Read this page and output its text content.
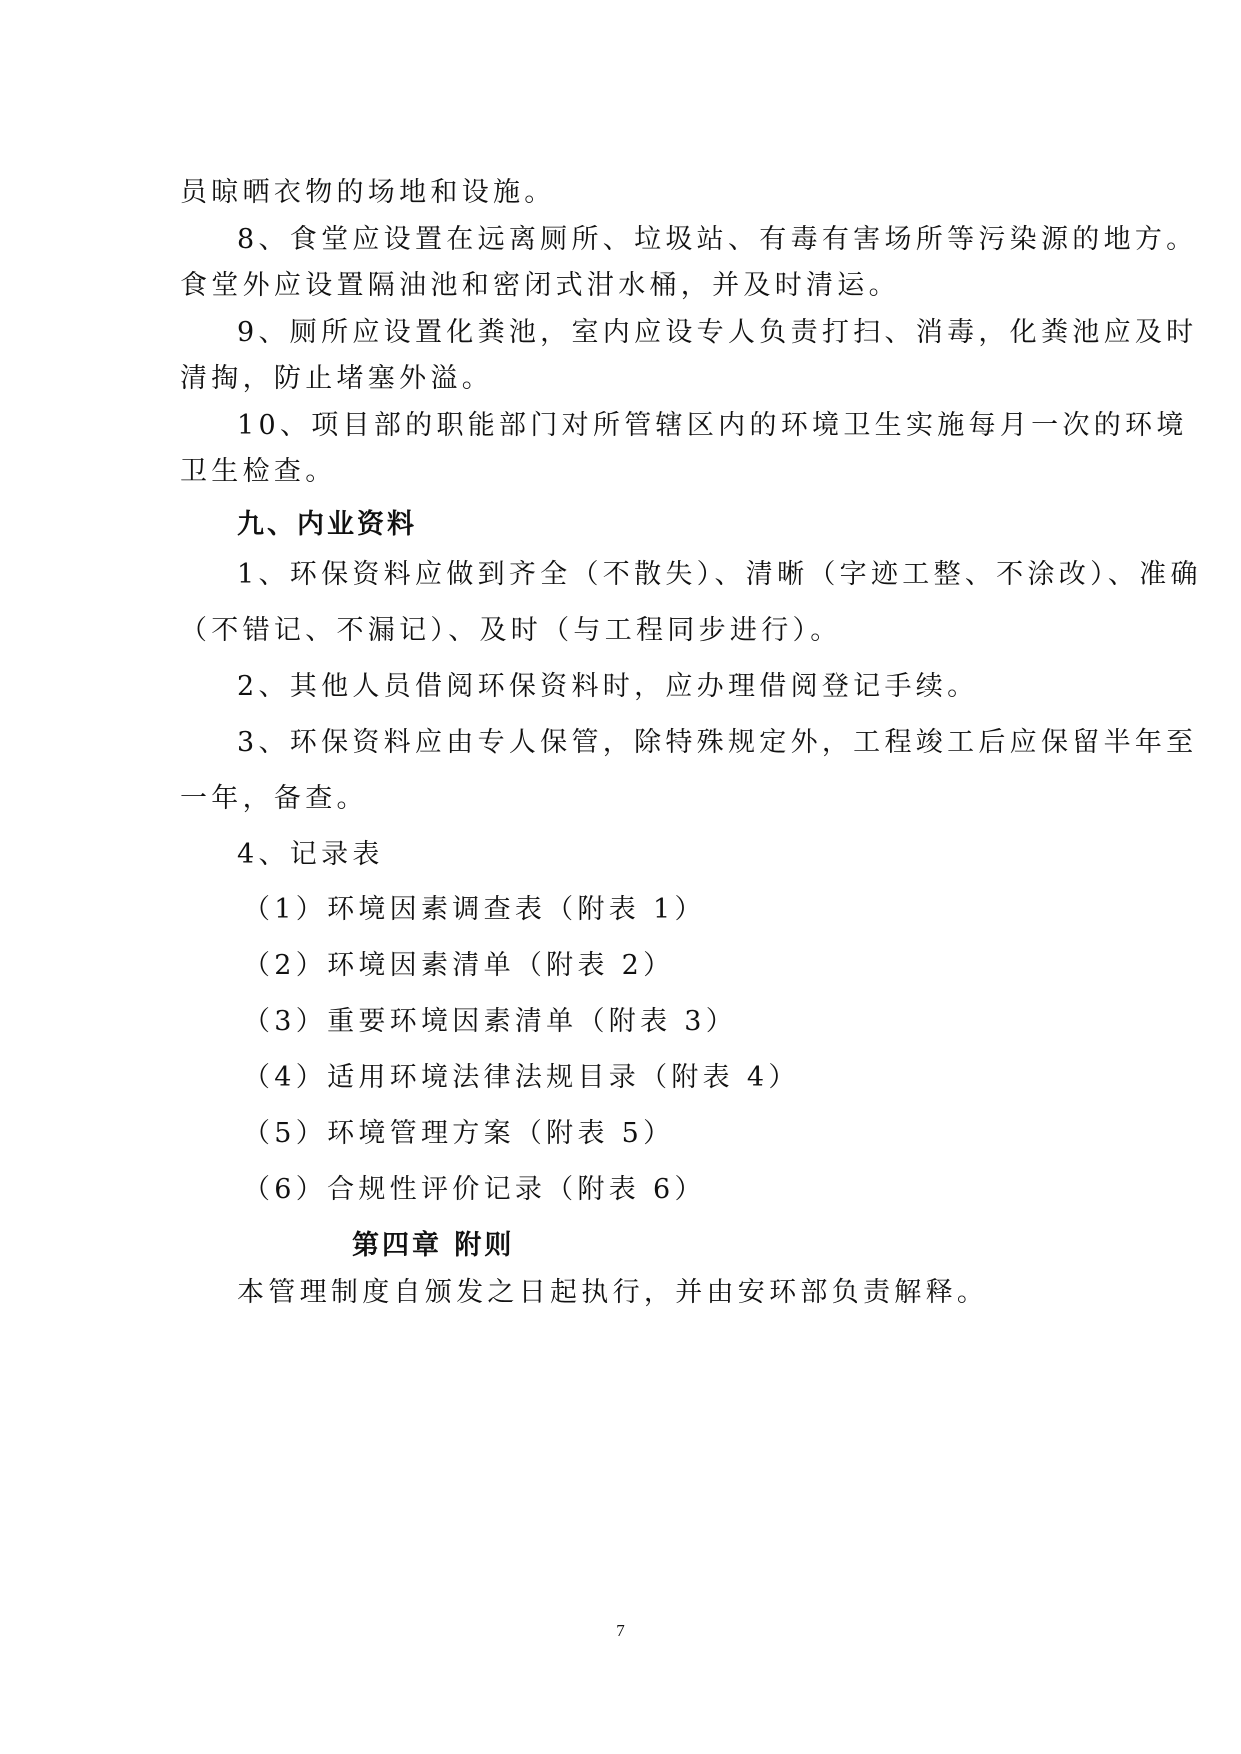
员晾晒衣物的场地和设施。
8、食堂应设置在远离厕所、垃圾站、有毒有害场所等污染源的地方。
食堂外应设置隔油池和密闭式泔水桶，并及时清运。
9、厕所应设置化粪池，室内应设专人负责打扫、消毒，化粪池应及时
清掏，防止堵塞外溢。
10、项目部的职能部门对所管辖区内的环境卫生实施每月一次的环境
卫生检查。
九、内业资料
1、环保资料应做到齐全（不散失）、清晰（字迹工整、不涂改）、准确
（不错记、不漏记）、及时（与工程同步进行）。
2、其他人员借阅环保资料时，应办理借阅登记手续。
3、环保资料应由专人保管，除特殊规定外，工程竣工后应保留半年至
一年，备查。
4、记录表
（1）环境因素调查表（附表 1）
（2）环境因素清单（附表 2）
（3）重要环境因素清单（附表 3）
（4）适用环境法律法规目录（附表 4）
（5）环境管理方案（附表 5）
（6）合规性评价记录（附表 6）
第四章 附则
本管理制度自颁发之日起执行，并由安环部负责解释。
7
